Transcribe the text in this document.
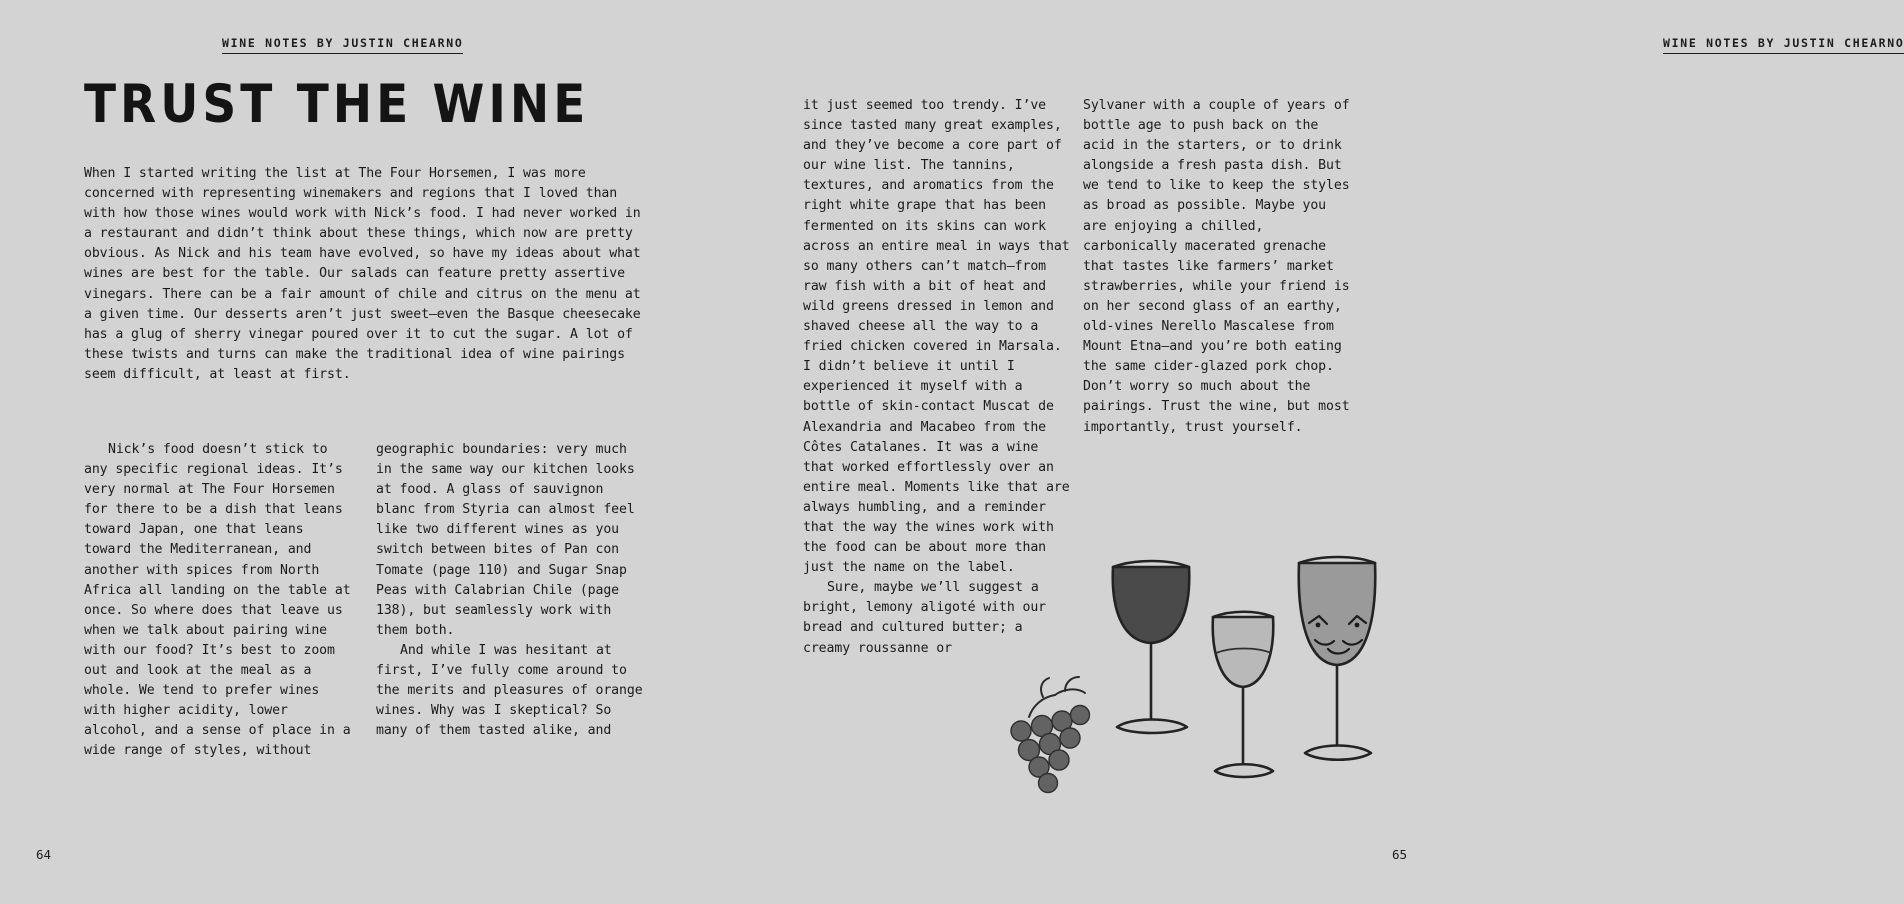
WINE NOTES BY JUSTIN CHEARNO
TRUST THE WINE

When I started writing the list at The Four Horsemen, I was more concerned with representing winemakers and regions that I loved than with how those wines would work with Nick’s food. I had never worked in a restaurant and didn’t think about these things, which now are pretty obvious. As Nick and his team have evolved, so have my ideas about what wines are best for the table. Our salads can feature pretty assertive vinegars. There can be a fair amount of chile and citrus on the menu at a given time. Our desserts aren’t just sweet—even the Basque cheesecake has a glug of sherry vinegar poured over it to cut the sugar. A lot of these twists and turns can make the traditional idea of wine pairings seem difficult, at least at first.

Nick’s food doesn’t stick to any specific regional ideas. It’s very normal at The Four Horsemen for there to be a dish that leans toward Japan, one that leans toward the Mediterranean, and another with spices from North Africa all landing on the table at once. So where does that leave us when we talk about pairing wine with our food? It’s best to zoom out and look at the meal as a whole. We tend to prefer wines with higher acidity, lower alcohol, and a sense of place in a wide range of styles, without

geographic boundaries: very much in the same way our kitchen looks at food. A glass of sauvignon blanc from Styria can almost feel like two different wines as you switch between bites of Pan con Tomate (page 110) and Sugar Snap Peas with Calabrian Chile (page 138), but seamlessly work with them both.

And while I was hesitant at first, I’ve fully come around to the merits and pleasures of orange wines. Why was I skeptical? So many of them tasted alike, and

64
WINE NOTES BY JUSTIN CHEARNO
65

it just seemed too trendy. I’ve since tasted many great examples, and they’ve become a core part of our wine list. The tannins, textures, and aromatics from the right white grape that has been fermented on its skins can work across an entire meal in ways that so many others can’t match—from raw fish with a bit of heat and wild greens dressed in lemon and shaved cheese all the way to a fried chicken covered in Marsala. I didn’t believe it until I experienced it myself with a bottle of skin-contact Muscat de Alexandria and Macabeo from the Côtes Catalanes. It was a wine that worked effortlessly over an entire meal. Moments like that are always humbling, and a reminder that the way the wines work with the food can be about more than just the name on the label.

Sure, maybe we’ll suggest a bright, lemony aligoté with our bread and cultured butter; a creamy roussanne or

Sylvaner with a couple of years of bottle age to push back on the acid in the starters, or to drink alongside a fresh pasta dish. But we tend to like to keep the styles as broad as possible. Maybe you are enjoying a chilled, carbonically macerated grenache that tastes like farmers’ market strawberries, while your friend is on her second glass of an earthy, old-vines Nerello Mascalese from Mount Etna—and you’re both eating the same cider-glazed pork chop. Don’t worry so much about the pairings. Trust the wine, but most importantly, trust yourself.
